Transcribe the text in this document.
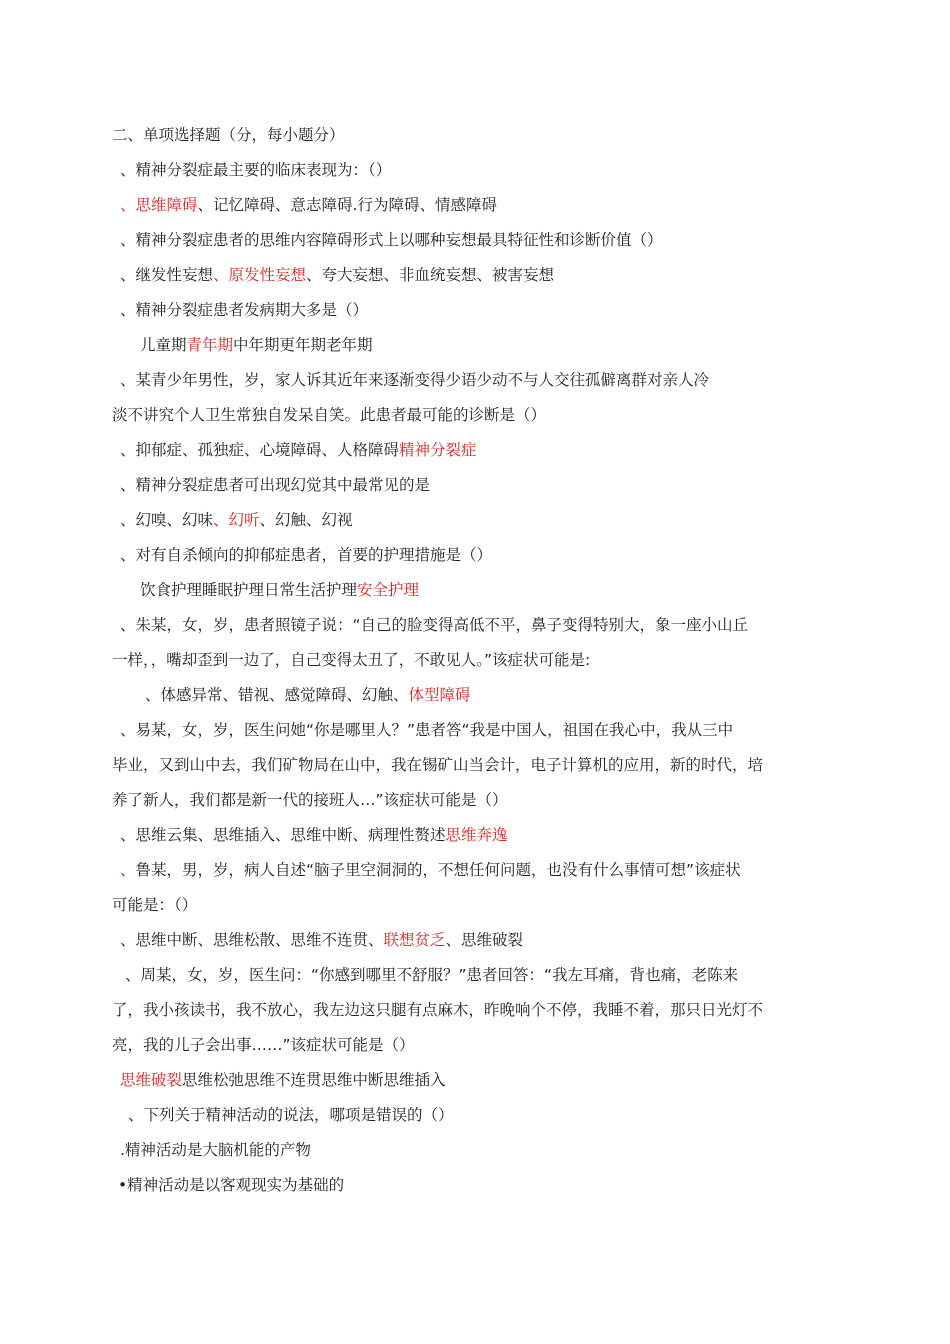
二、单项选择题（分，每小题分）
、精神分裂症最主要的临床表现为：（）
、思维障碍、记忆障碍、意志障碍.行为障碍、情感障碍
、精神分裂症患者的思维内容障碍形式上以哪种妄想最具特征性和诊断价值（）
、继发性妄想、原发性妄想、夸大妄想、非血统妄想、被害妄想
、精神分裂症患者发病期大多是（）
儿童期青年期中年期更年期老年期
、某青少年男性，岁，家人诉其近年来逐渐变得少语少动不与人交往孤僻离群对亲人冷
淡不讲究个人卫生常独自发呆自笑。此患者最可能的诊断是（）
、抑郁症、孤独症、心境障碍、人格障碍精神分裂症
、精神分裂症患者可出现幻觉其中最常见的是
、幻嗅、幻味、幻听、幻触、幻视
、对有自杀倾向的抑郁症患者，首要的护理措施是（）
饮食护理睡眠护理日常生活护理安全护理
、朱某，女，岁，患者照镜子说：“自己的脸变得高低不平，鼻子变得特别大，象一座小山丘
一样，，嘴却歪到一边了，自己变得太丑了，不敢见人。”该症状可能是:
、体感异常、错视、感觉障碍、幻触、体型障碍
、易某，女，岁，医生问她“你是哪里人？”患者答“我是中国人，祖国在我心中，我从三中
毕业，又到山中去，我们矿物局在山中，我在锡矿山当会计，电子计算机的应用，新的时代，培
养了新人，我们都是新一代的接班人…”该症状可能是（）
、思维云集、思维插入、思维中断、病理性赘述思维奔逸
、鲁某，男，岁，病人自述“脑子里空洞洞的，不想任何问题，也没有什么事情可想”该症状
可能是：（）
、思维中断、思维松散、思维不连贯、联想贫乏、思维破裂
、周某，女，岁，医生问：“你感到哪里不舒服？”患者回答：“我左耳痛，背也痛，老陈来
了，我小孩读书，我不放心，我左边这只腿有点麻木，昨晚响个不停，我睡不着，那只日光灯不
亮，我的儿子会出事……”该症状可能是（）
思维破裂思维松弛思维不连贯思维中断思维插入
、下列关于精神活动的说法，哪项是错误的（）
.精神活动是大脑机能的产物
•精神活动是以客观现实为基础的
